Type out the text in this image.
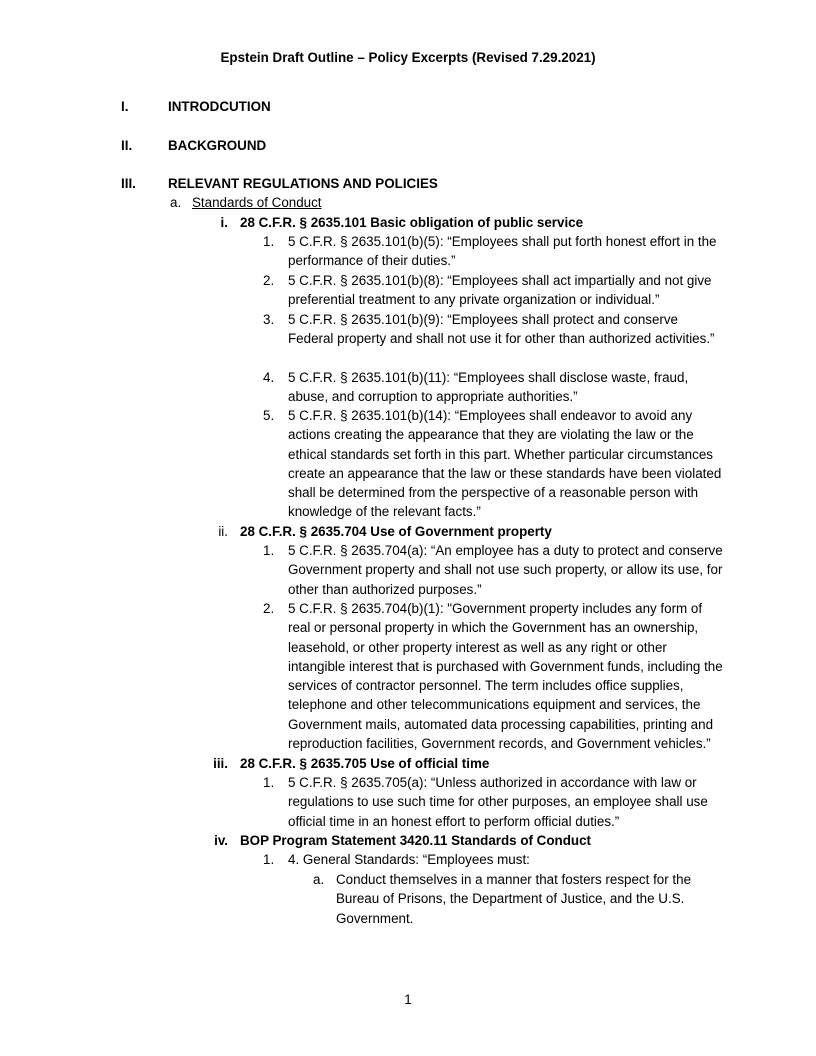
Epstein Draft Outline – Policy Excerpts (Revised 7.29.2021)
I.	INTRODCUTION
II.	BACKGROUND
III. RELEVANT REGULATIONS AND POLICIES
a. Standards of Conduct
i. 28 C.F.R. § 2635.101 Basic obligation of public service
1. 5 C.F.R. § 2635.101(b)(5): “Employees shall put forth honest effort in the performance of their duties.”
2. 5 C.F.R. § 2635.101(b)(8): “Employees shall act impartially and not give preferential treatment to any private organization or individual.”
3. 5 C.F.R. § 2635.101(b)(9): “Employees shall protect and conserve Federal property and shall not use it for other than authorized activities.”
4. 5 C.F.R. § 2635.101(b)(11): “Employees shall disclose waste, fraud, abuse, and corruption to appropriate authorities.”
5. 5 C.F.R. § 2635.101(b)(14): “Employees shall endeavor to avoid any actions creating the appearance that they are violating the law or the ethical standards set forth in this part. Whether particular circumstances create an appearance that the law or these standards have been violated shall be determined from the perspective of a reasonable person with knowledge of the relevant facts.”
ii. 28 C.F.R. § 2635.704 Use of Government property
1. 5 C.F.R. § 2635.704(a): “An employee has a duty to protect and conserve Government property and shall not use such property, or allow its use, for other than authorized purposes.”
2. 5 C.F.R. § 2635.704(b)(1): "Government property includes any form of real or personal property in which the Government has an ownership, leasehold, or other property interest as well as any right or other intangible interest that is purchased with Government funds, including the services of contractor personnel. The term includes office supplies, telephone and other telecommunications equipment and services, the Government mails, automated data processing capabilities, printing and reproduction facilities, Government records, and Government vehicles.”
iii. 28 C.F.R. § 2635.705 Use of official time
1. 5 C.F.R. § 2635.705(a): “Unless authorized in accordance with law or regulations to use such time for other purposes, an employee shall use official time in an honest effort to perform official duties.”
iv. BOP Program Statement 3420.11 Standards of Conduct
1. 4. General Standards: “Employees must:
a. Conduct themselves in a manner that fosters respect for the Bureau of Prisons, the Department of Justice, and the U.S. Government.
1
